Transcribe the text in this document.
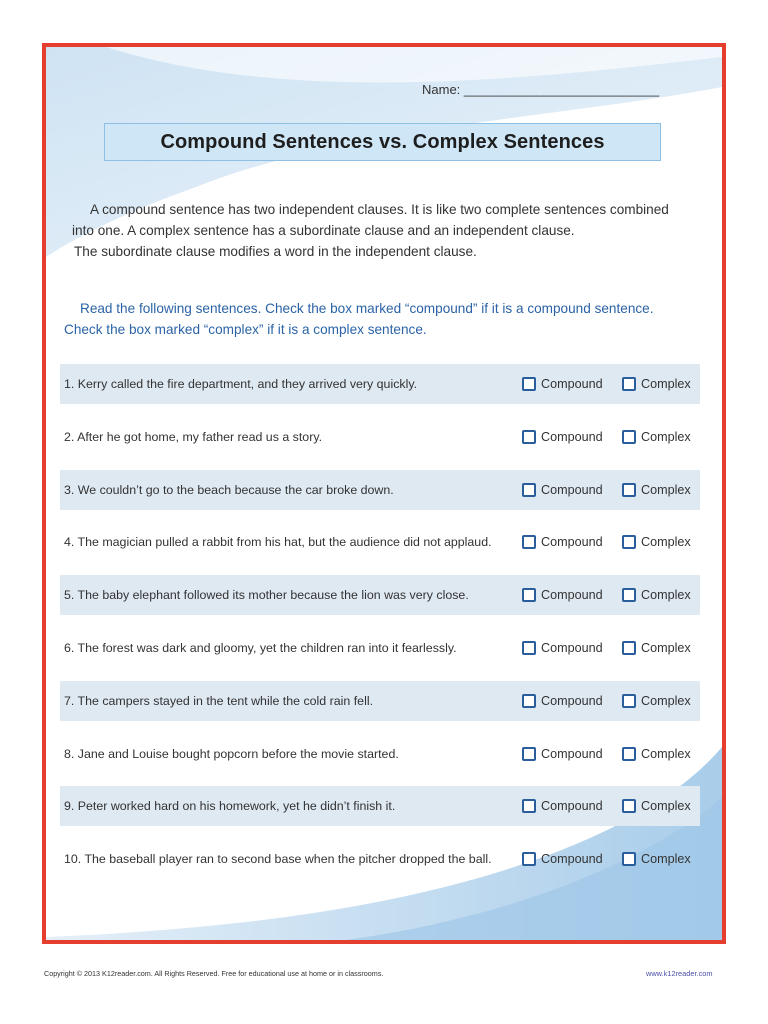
Name: ___________________________
Compound Sentences vs. Complex Sentences

A compound sentence has two independent clauses. It is like two complete sentences combined

into one. A complex sentence has a subordinate clause and an independent clause.

The subordinate clause modifies a word in the independent clause.

Read the following sentences. Check the box marked “compound” if it is a compound sentence.

Check the box marked “complex” if it is a complex sentence.

1. Kerry called the fire department, and they arrived very quickly.	Compound	Complex
2. After he got home, my father read us a story.	Compound	Complex
3. We couldn’t go to the beach because the car broke down.	Compound	Complex
4. The magician pulled a rabbit from his hat, but the audience did not applaud.	Compound	Complex
5. The baby elephant followed its mother because the lion was very close.	Compound	Complex
6. The forest was dark and gloomy, yet the children ran into it fearlessly.	Compound	Complex
7. The campers stayed in the tent while the cold rain fell.	Compound	Complex
8. Jane and Louise bought popcorn before the movie started.	Compound	Complex
9. Peter worked hard on his homework, yet he didn’t finish it.	Compound	Complex
10. The baseball player ran to second base when the pitcher dropped the ball.	Compound	Complex
Copyright © 2013 K12reader.com. All Rights Reserved. Free for educational use at home or in classrooms.	www.k12reader.com
